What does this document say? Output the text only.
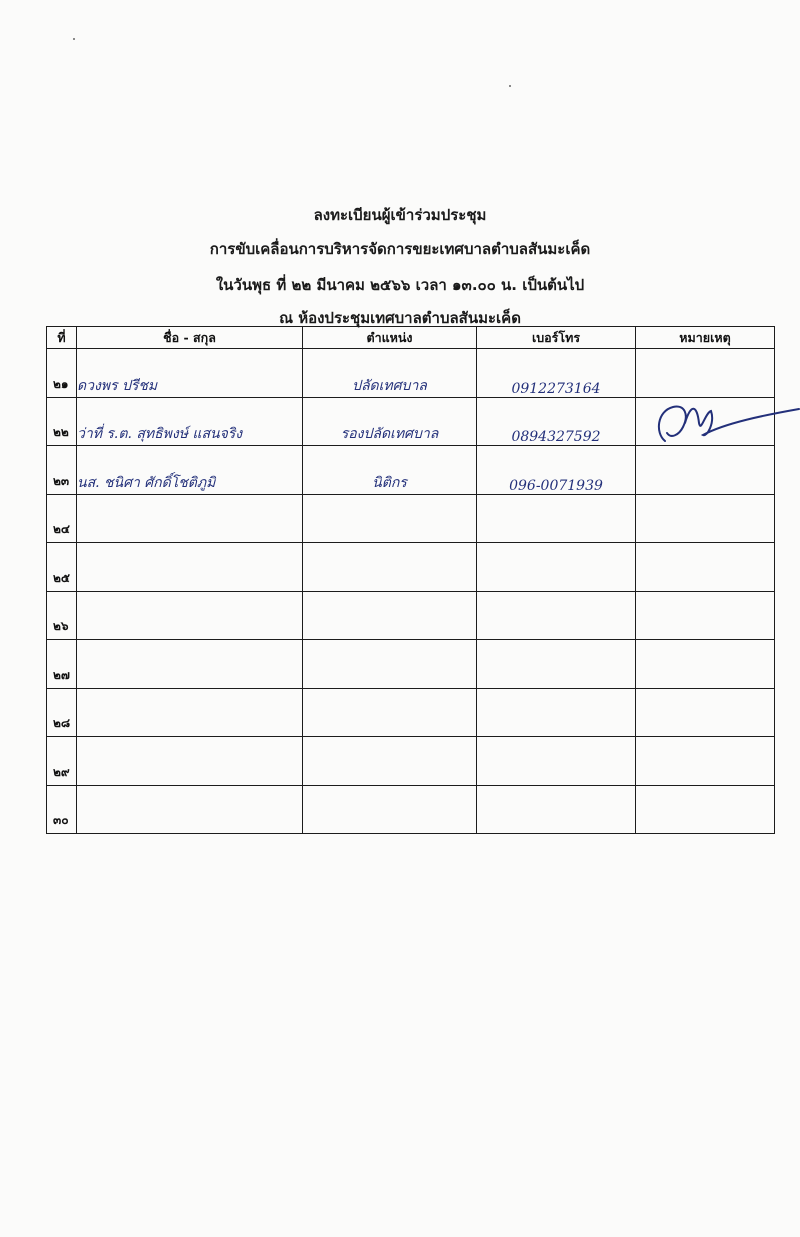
ลงทะเบียนผู้เข้าร่วมประชุม
การขับเคลื่อนการบริหารจัดการขยะเทศบาลตำบลสันมะเค็ด
ในวันพุธ ที่ ๒๒ มีนาคม ๒๕๖๖ เวลา ๑๓.๐๐ น. เป็นต้นไป
ณ ห้องประชุมเทศบาลตำบลสันมะเค็ด
ที่	ชื่อ - สกุล	ตำแหน่ง	เบอร์โทร	หมายเหตุ
๒๑	ดวงพร ปรีชม	ปลัดเทศบาล	0912273164	
๒๒	ว่าที่ ร.ต. สุทธิพงษ์ แสนจริง	รองปลัดเทศบาล	0894327592	
๒๓	นส. ชนิศา ศักดิ์โชติภูมิ	นิติกร	096-0071939	
๒๔				
๒๕				
๒๖				
๒๗				
๒๘				
๒๙				
๓๐				
